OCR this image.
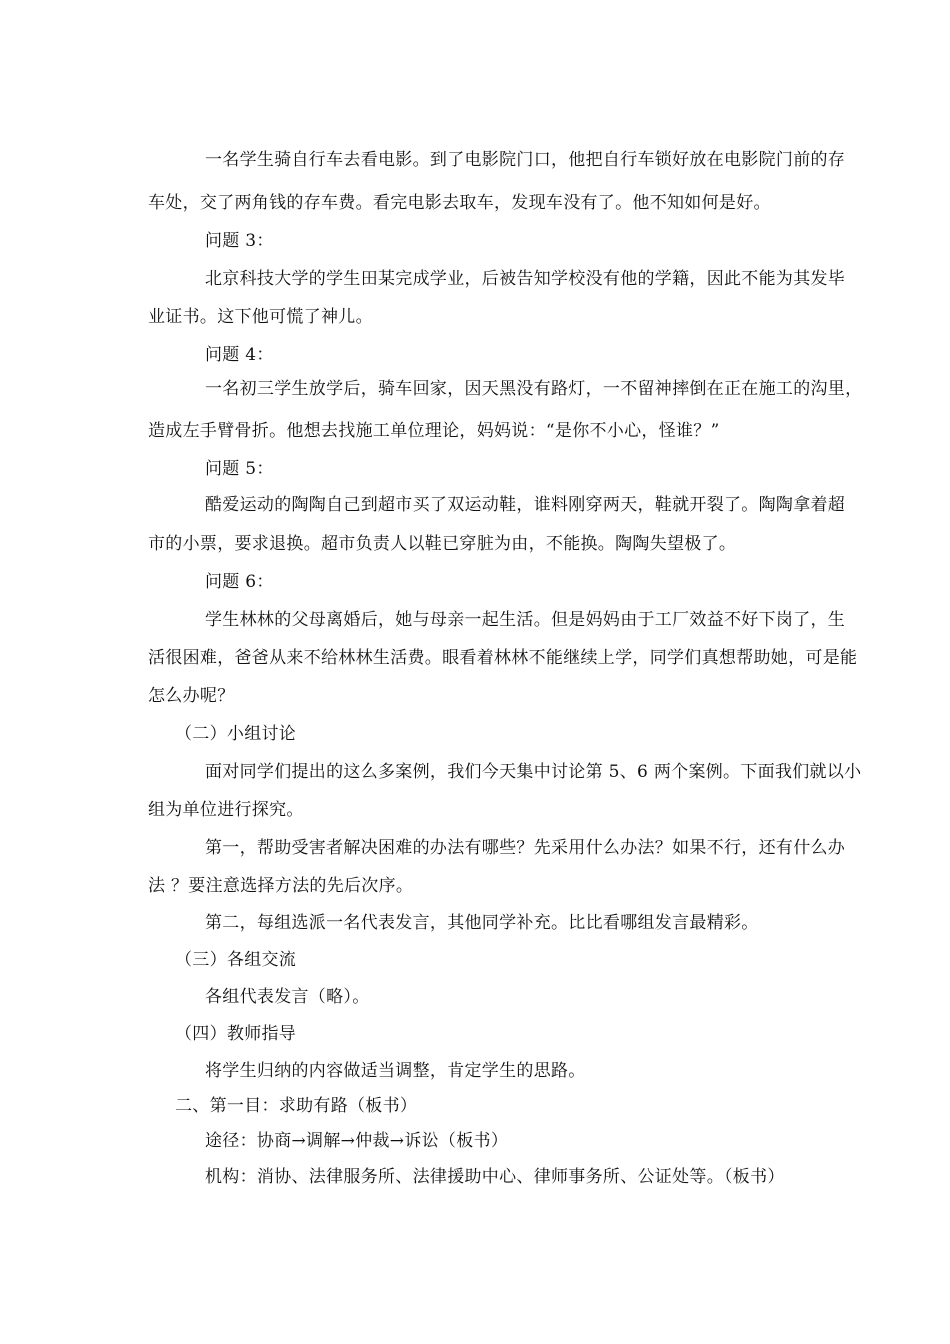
一名学生骑自行车去看电影。到了电影院门口，他把自行车锁好放在电影院门前的存
车处，交了两角钱的存车费。看完电影去取车，发现车没有了。他不知如何是好。
问题 3：
北京科技大学的学生田某完成学业，后被告知学校没有他的学籍，因此不能为其发毕
业证书。这下他可慌了神儿。
问题 4：
一名初三学生放学后，骑车回家，因天黑没有路灯，一不留神摔倒在正在施工的沟里，
造成左手臂骨折。他想去找施工单位理论，妈妈说：“是你不小心，怪谁？”
问题 5：
酷爱运动的陶陶自己到超市买了双运动鞋，谁料刚穿两天，鞋就开裂了。陶陶拿着超
市的小票，要求退换。超市负责人以鞋已穿脏为由，不能换。陶陶失望极了。
问题 6：
学生林林的父母离婚后，她与母亲一起生活。但是妈妈由于工厂效益不好下岗了，生
活很困难，爸爸从来不给林林生活费。眼看着林林不能继续上学，同学们真想帮助她，可是能
怎么办呢？
（二）小组讨论
面对同学们提出的这么多案例，我们今天集中讨论第 5、6 两个案例。下面我们就以小
组为单位进行探究。
第一，帮助受害者解决困难的办法有哪些？先采用什么办法？如果不行，还有什么办
法 ？要注意选择方法的先后次序。
第二，每组选派一名代表发言，其他同学补充。比比看哪组发言最精彩。
（三）各组交流
各组代表发言（略）。
（四）教师指导
将学生归纳的内容做适当调整，肯定学生的思路。
二、第一目：求助有路（板书）
途径：协商→调解→仲裁→诉讼（板书）
机构：消协、法律服务所、法律援助中心、律师事务所、公证处等。（板书）
